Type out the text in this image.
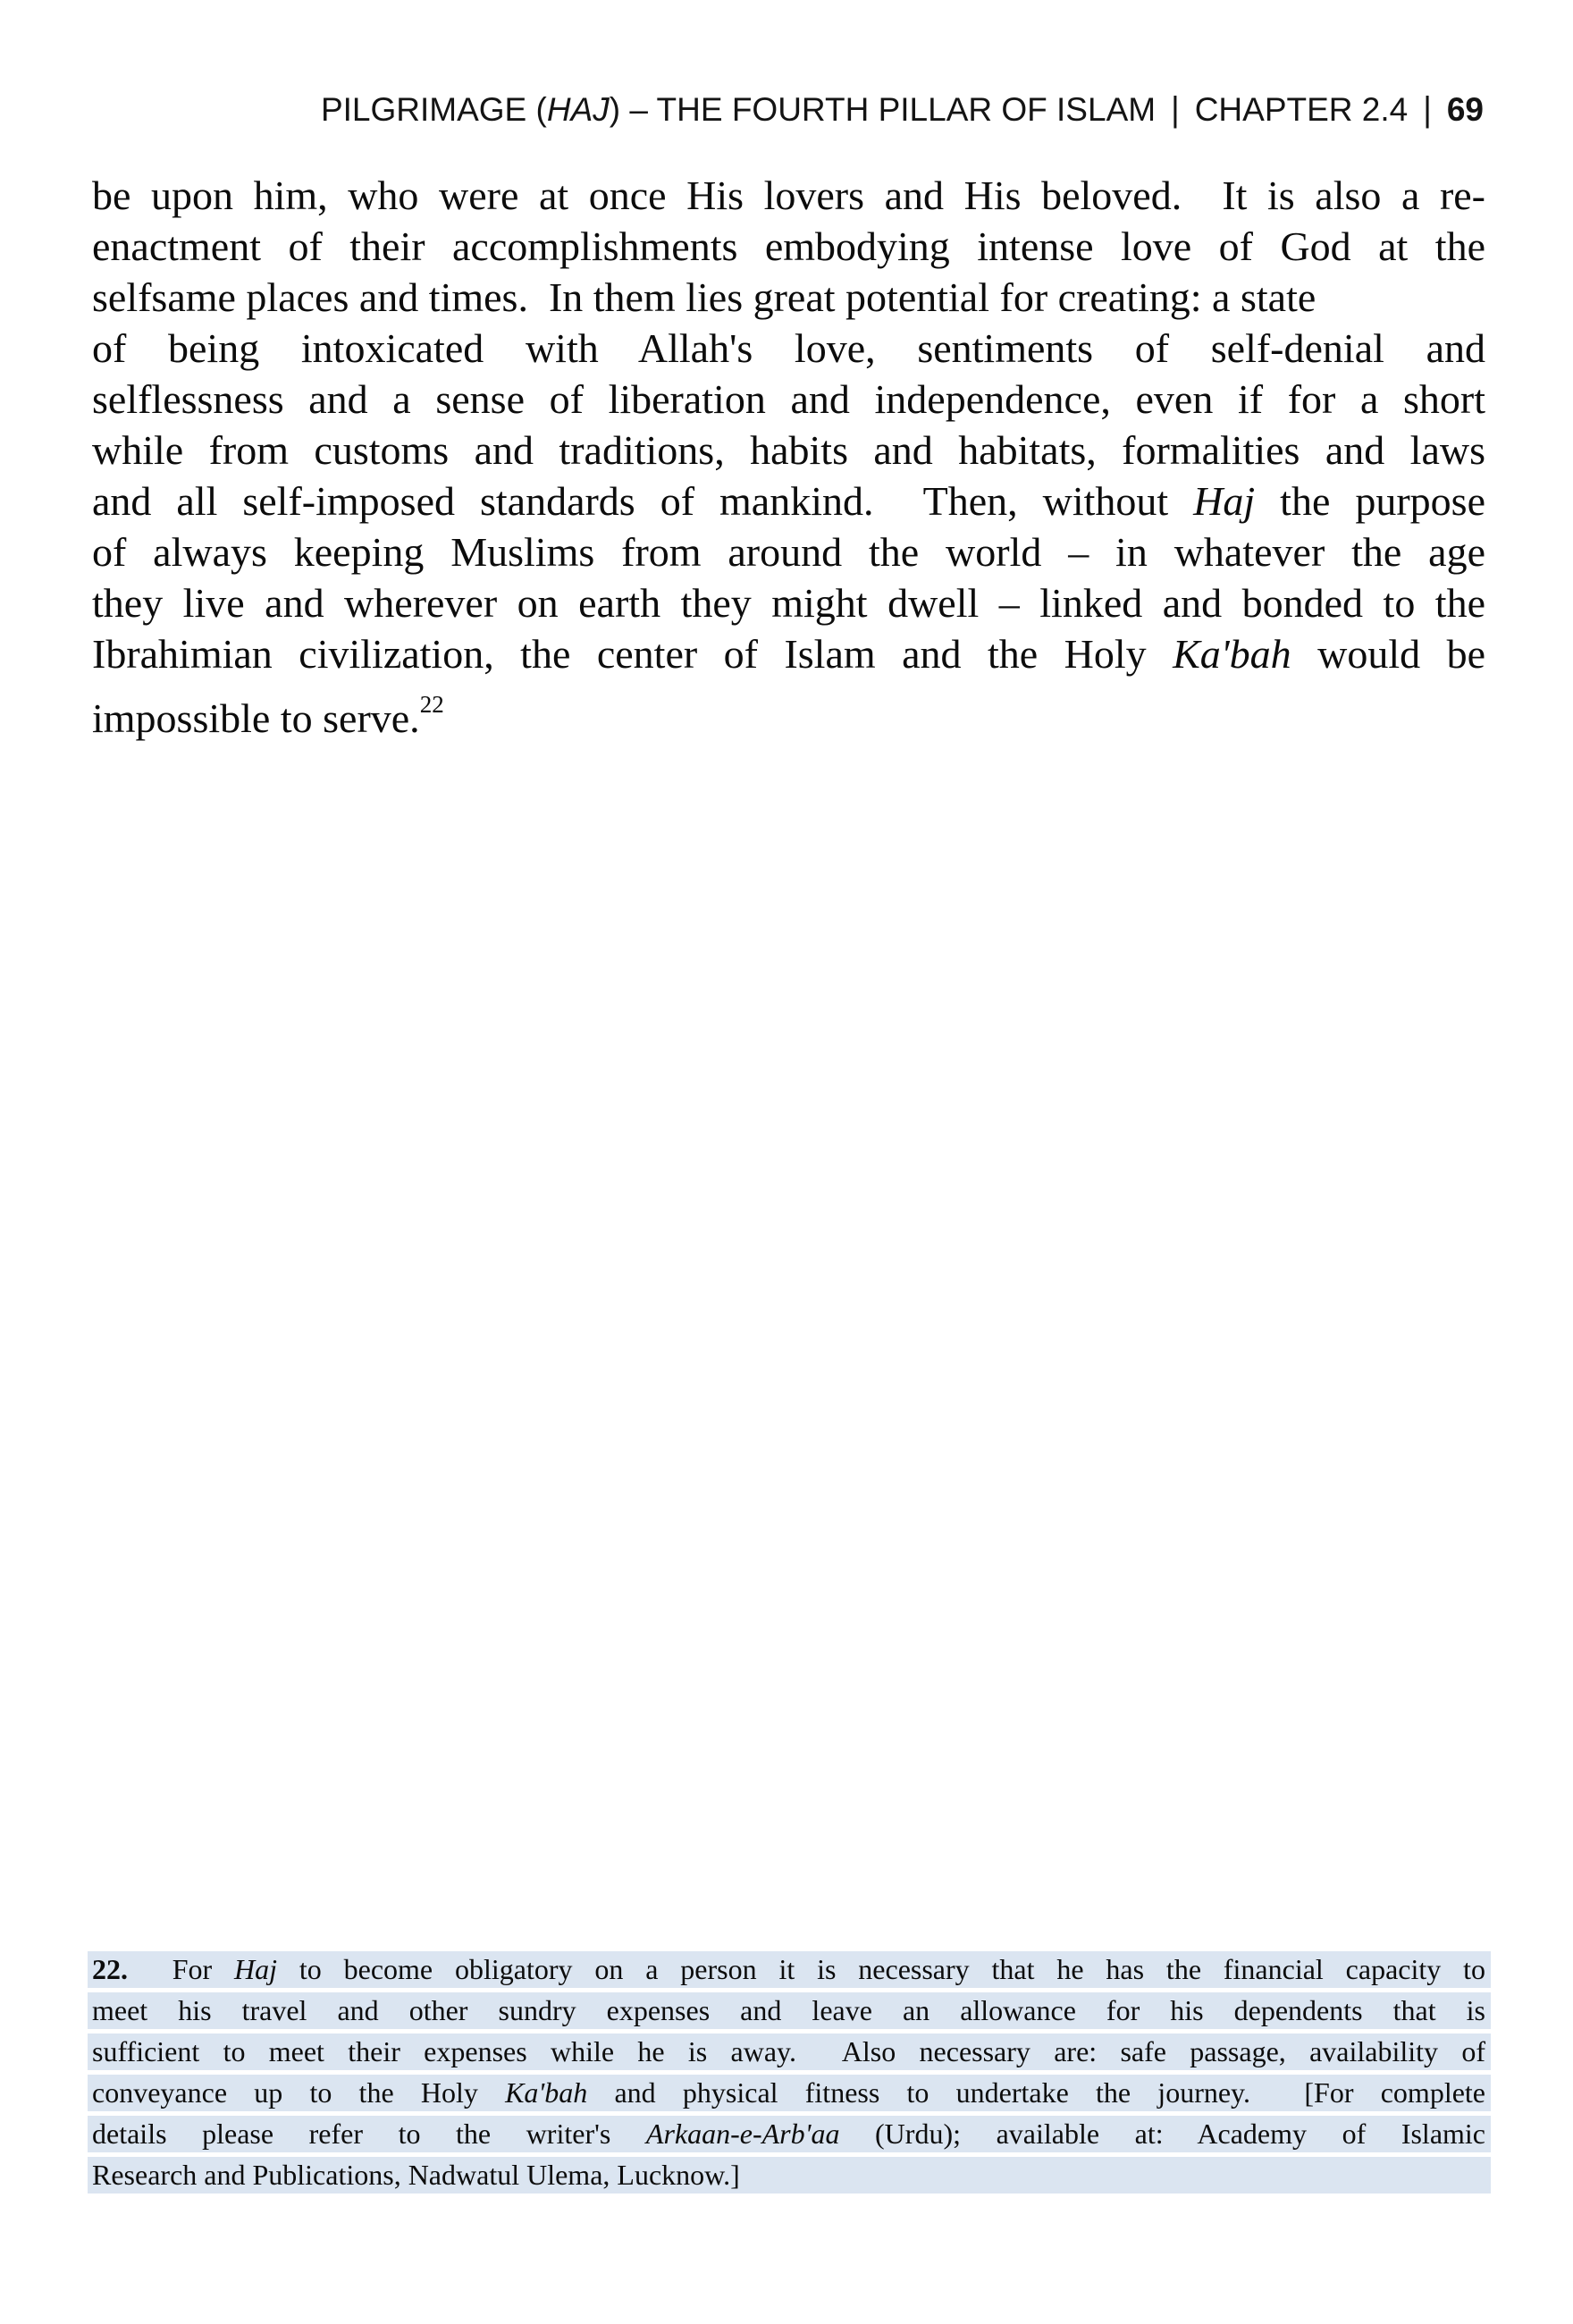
PILGRIMAGE (HAJ) – THE FOURTH PILLAR OF ISLAM | CHAPTER 2.4 | 69
be upon him, who were at once His lovers and His beloved.  It is also a re-
enactment of their accomplishments embodying intense love of God at the
selfsame places and times.  In them lies great potential for creating: a state
of being intoxicated with Allah's love, sentiments of self-denial and
selflessness and a sense of liberation and independence, even if for a short
while from customs and traditions, habits and habitats, formalities and laws
and all self-imposed standards of mankind.  Then, without Haj the purpose
of always keeping Muslims from around the world – in whatever the age
they live and wherever on earth they might dwell – linked and bonded to the
Ibrahimian civilization, the center of Islam and the Holy Ka'bah would be
impossible to serve.$^{22}$
22.  For Haj to become obligatory on a person it is necessary that he has the financial capacity to
meet his travel and other sundry expenses and leave an allowance for his dependents that is
sufficient to meet their expenses while he is away.  Also necessary are: safe passage, availability of
conveyance up to the Holy Ka'bah and physical fitness to undertake the journey.  [For complete
details please refer to the writer's Arkaan-e-Arb'aa (Urdu); available at: Academy of Islamic
Research and Publications, Nadwatul Ulema, Lucknow.]
